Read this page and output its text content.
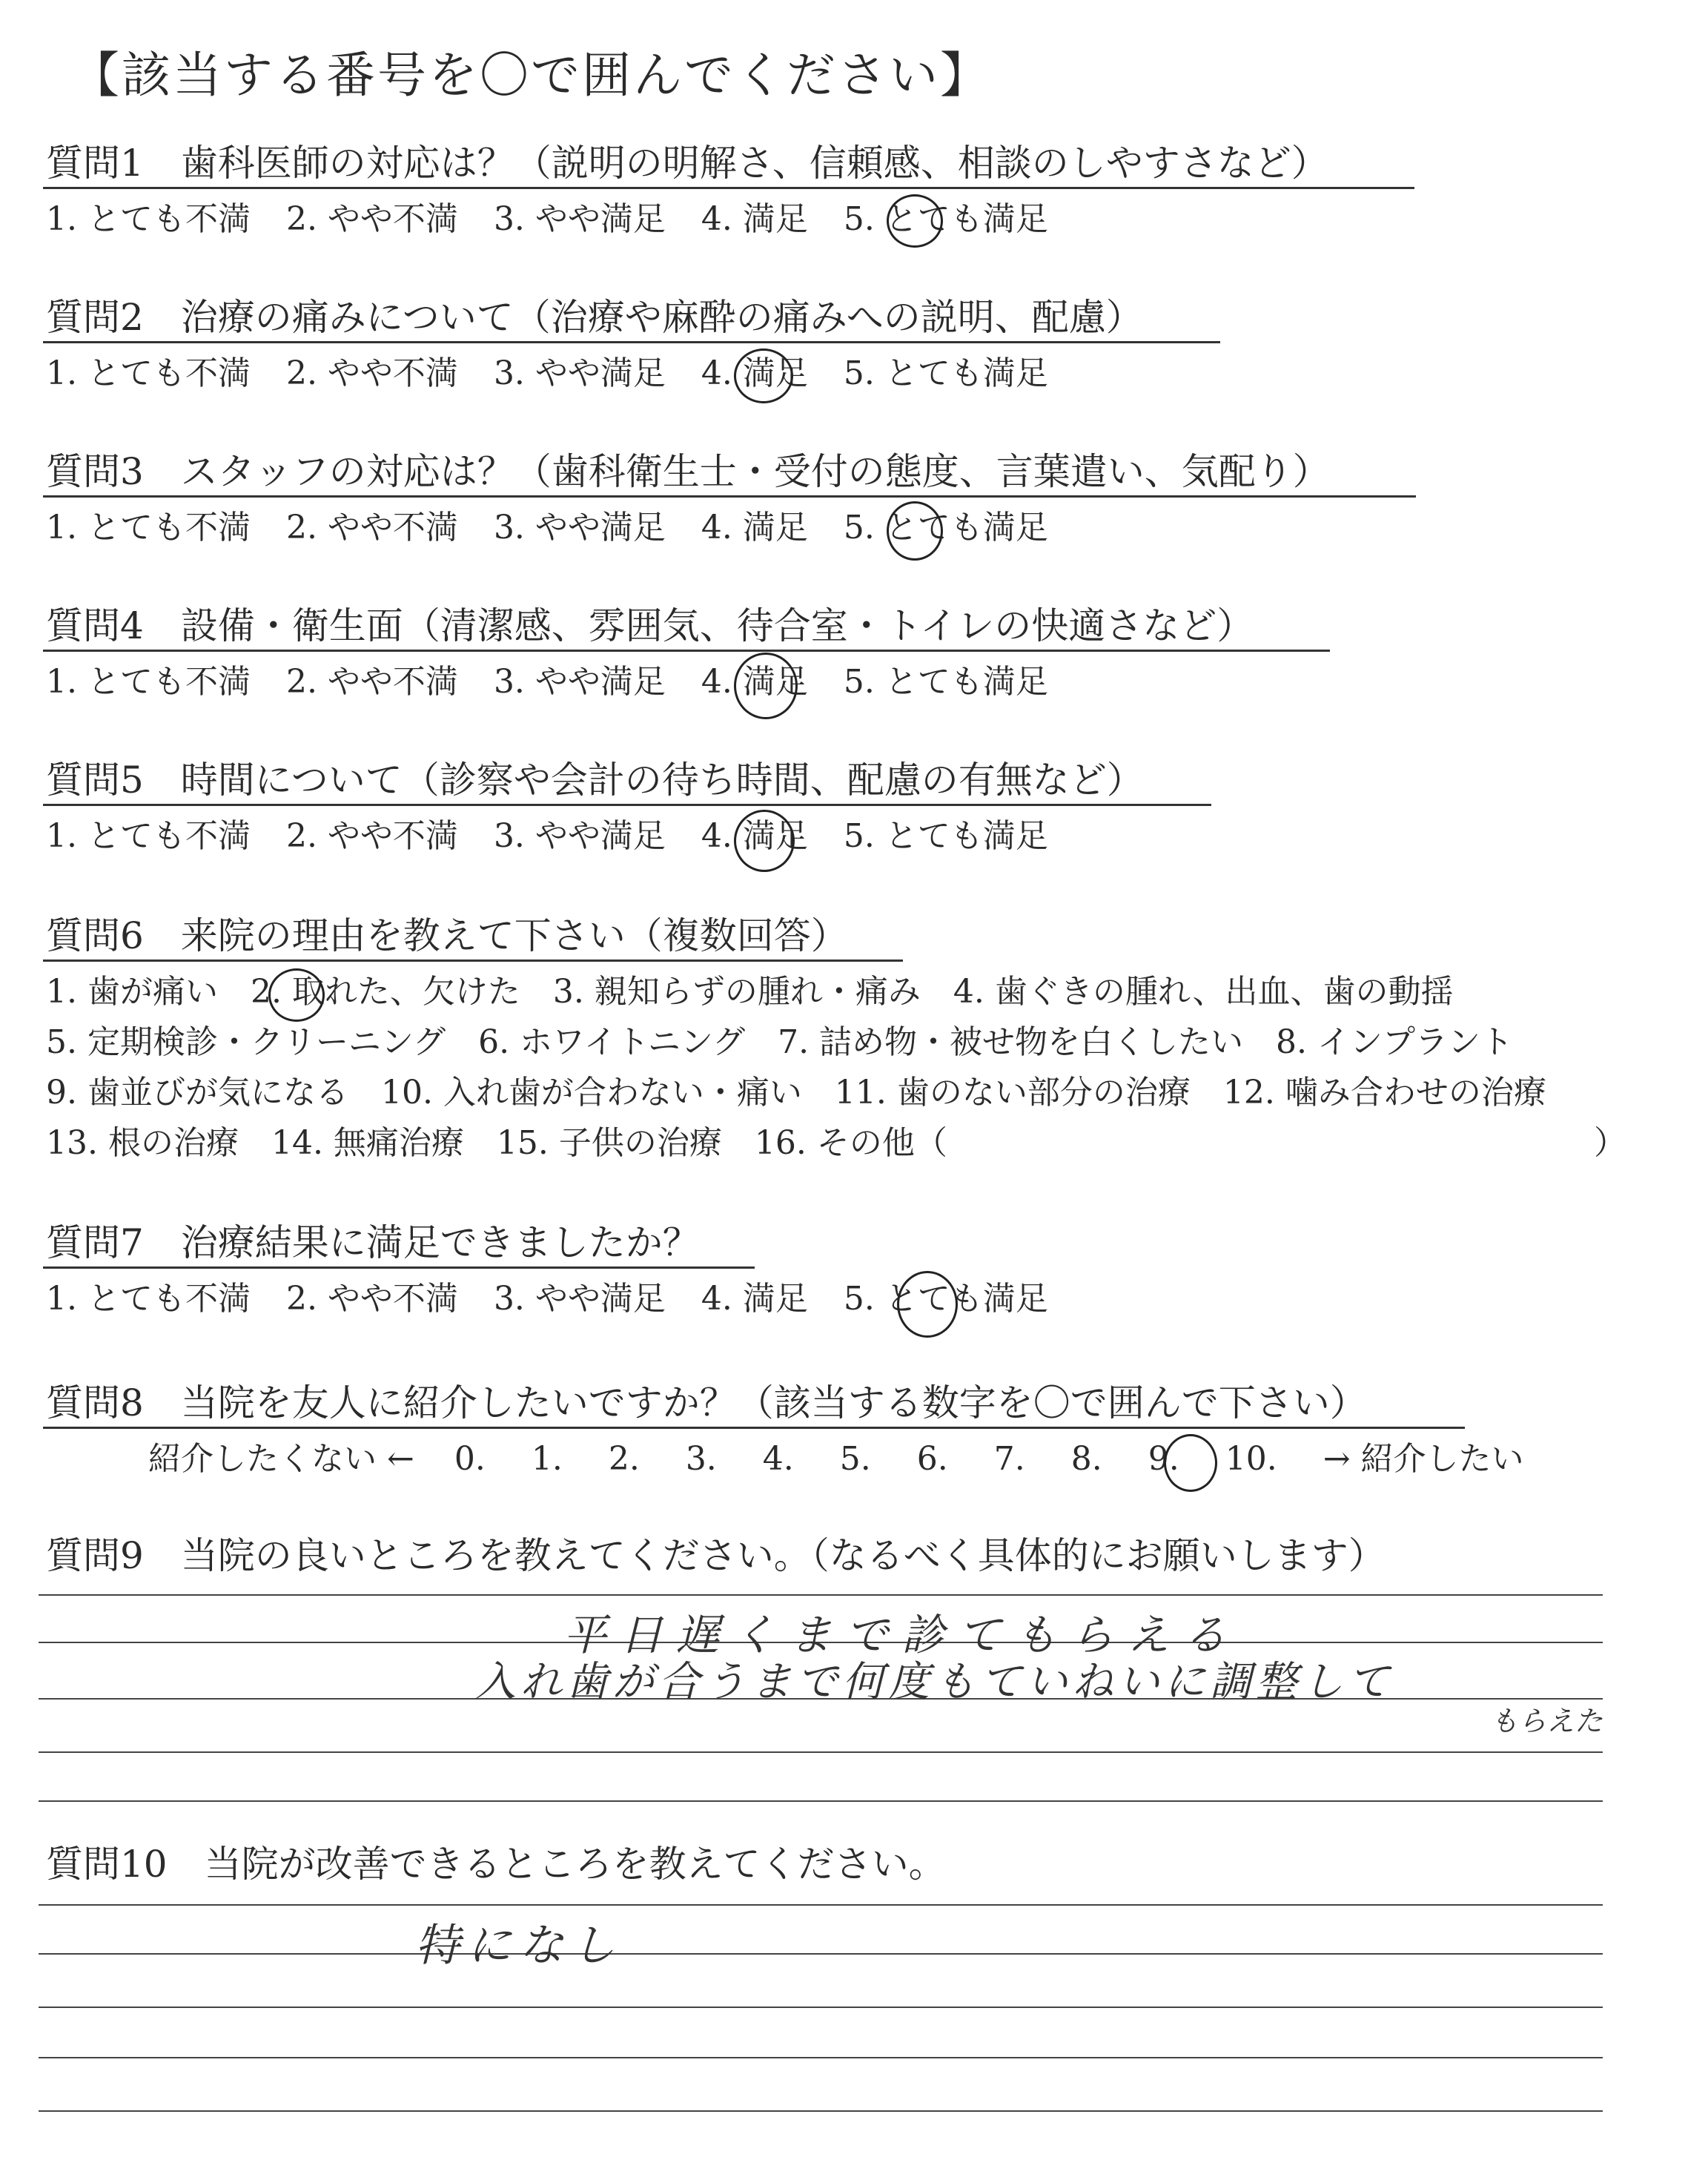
【該当する番号を〇で囲んでください】
質問1　歯科医師の対応は？（説明の明解さ、信頼感、相談のしやすさなど）
1. とても不満 2. やや不満 3. やや満足 4. 満足 5. とても満足
質問2　治療の痛みについて（治療や麻酔の痛みへの説明、配慮）
1. とても不満 2. やや不満 3. やや満足 4. 満足 5. とても満足
質問3　スタッフの対応は？（歯科衛生士・受付の態度、言葉遣い、気配り）
1. とても不満 2. やや不満 3. やや満足 4. 満足 5. とても満足
質問4　設備・衛生面（清潔感、雰囲気、待合室・トイレの快適さなど）
1. とても不満 2. やや不満 3. やや満足 4. 満足 5. とても満足
質問5　時間について（診察や会計の待ち時間、配慮の有無など）
1. とても不満 2. やや不満 3. やや満足 4. 満足 5. とても満足
質問6　来院の理由を教えて下さい（複数回答）
1. 歯が痛い　2. 取れた、欠けた　3. 親知らずの腫れ・痛み　4. 歯ぐきの腫れ、出血、歯の動揺
5. 定期検診・クリーニング　6. ホワイトニング　7. 詰め物・被せ物を白くしたい　8. インプラント
9. 歯並びが気になる　10. 入れ歯が合わない・痛い　11. 歯のない部分の治療　12. 噛み合わせの治療
13. 根の治療　14. 無痛治療　15. 子供の治療　16. その他（	）
質問7　治療結果に満足できましたか？
1. とても不満 2. やや不満 3. やや満足 4. 満足 5. とても満足
質問8　当院を友人に紹介したいですか？（該当する数字を〇で囲んで下さい）
紹介したくない ← 0. 1. 2. 3. 4. 5. 6. 7. 8. 9. 10. → 紹介したい
質問9　当院の良いところを教えてください。（なるべく具体的にお願いします）
平日遅くまで診てもらえる
入れ歯が合うまで何度もていねいに調整して
もらえた
質問10　当院が改善できるところを教えてください。
特になし
